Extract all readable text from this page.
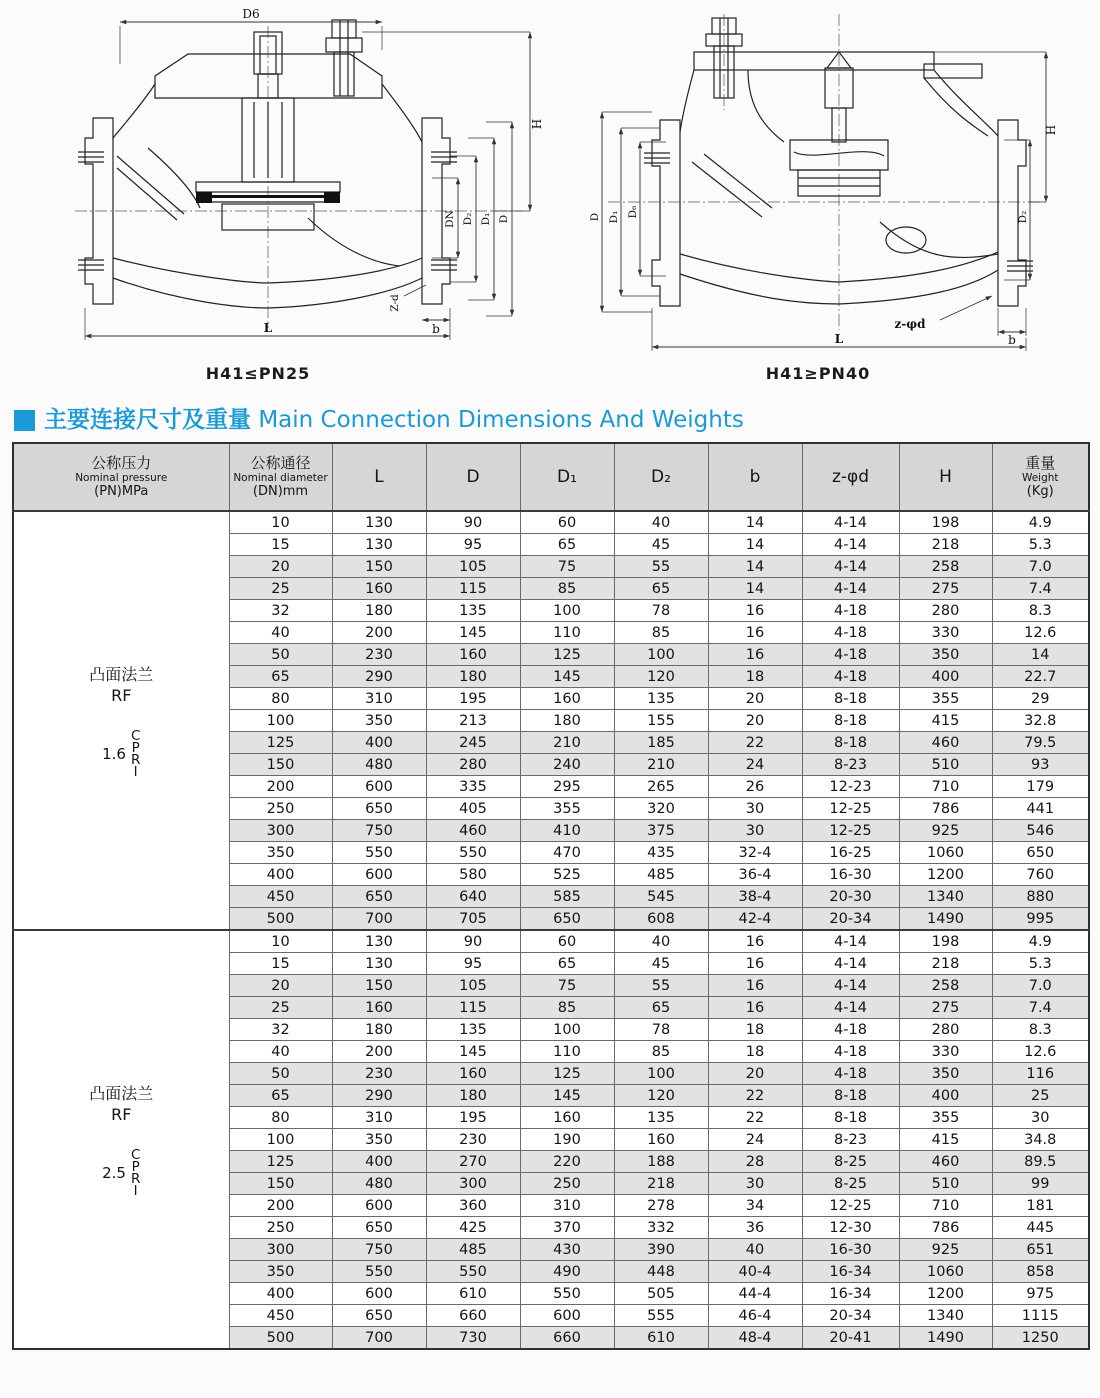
D6
H
DN D₂ D₁ D
Z-d
b
L
D D₁ D₆
H
D₂
z-φd
b
L
H41≤PN25	H41≥PN40
主要连接尺寸及重量 Main Connection Dimensions And Weights
公称压力
Nominal pressure
(PN)MPa	公称通径
Nominal diameter
(DN)mm	L	D	D₁	D₂	b	z-φd	H	重量
Weight
(Kg)

凸面法兰
RF
1.6
C
P
R
I
	10	130	90	60	40	14	4-14	198	4.9
	15	130	95	65	45	14	4-14	218	5.3
	20	150	105	75	55	14	4-14	258	7.0
	25	160	115	85	65	14	4-14	275	7.4
	32	180	135	100	78	16	4-18	280	8.3
	40	200	145	110	85	16	4-18	330	12.6
	50	230	160	125	100	16	4-18	350	14
	65	290	180	145	120	18	4-18	400	22.7
	80	310	195	160	135	20	8-18	355	29
	100	350	213	180	155	20	8-18	415	32.8
	125	400	245	210	185	22	8-18	460	79.5
	150	480	280	240	210	24	8-23	510	93
	200	600	335	295	265	26	12-23	710	179
	250	650	405	355	320	30	12-25	786	441
	300	750	460	410	375	30	12-25	925	546
	350	550	550	470	435	32-4	16-25	1060	650
	400	600	580	525	485	36-4	16-30	1200	760
	450	650	640	585	545	38-4	20-30	1340	880
	500	700	705	650	608	42-4	20-34	1490	995

凸面法兰
RF
2.5
C
P
R
I
	10	130	90	60	40	16	4-14	198	4.9
	15	130	95	65	45	16	4-14	218	5.3
	20	150	105	75	55	16	4-14	258	7.0
	25	160	115	85	65	16	4-14	275	7.4
	32	180	135	100	78	18	4-18	280	8.3
	40	200	145	110	85	18	4-18	330	12.6
	50	230	160	125	100	20	4-18	350	116
	65	290	180	145	120	22	8-18	400	25
	80	310	195	160	135	22	8-18	355	30
	100	350	230	190	160	24	8-23	415	34.8
	125	400	270	220	188	28	8-25	460	89.5
	150	480	300	250	218	30	8-25	510	99
	200	600	360	310	278	34	12-25	710	181
	250	650	425	370	332	36	12-30	786	445
	300	750	485	430	390	40	16-30	925	651
	350	550	550	490	448	40-4	16-34	1060	858
	400	600	610	550	505	44-4	16-34	1200	975
	450	650	660	600	555	46-4	20-34	1340	1115
	500	700	730	660	610	48-4	20-41	1490	1250
